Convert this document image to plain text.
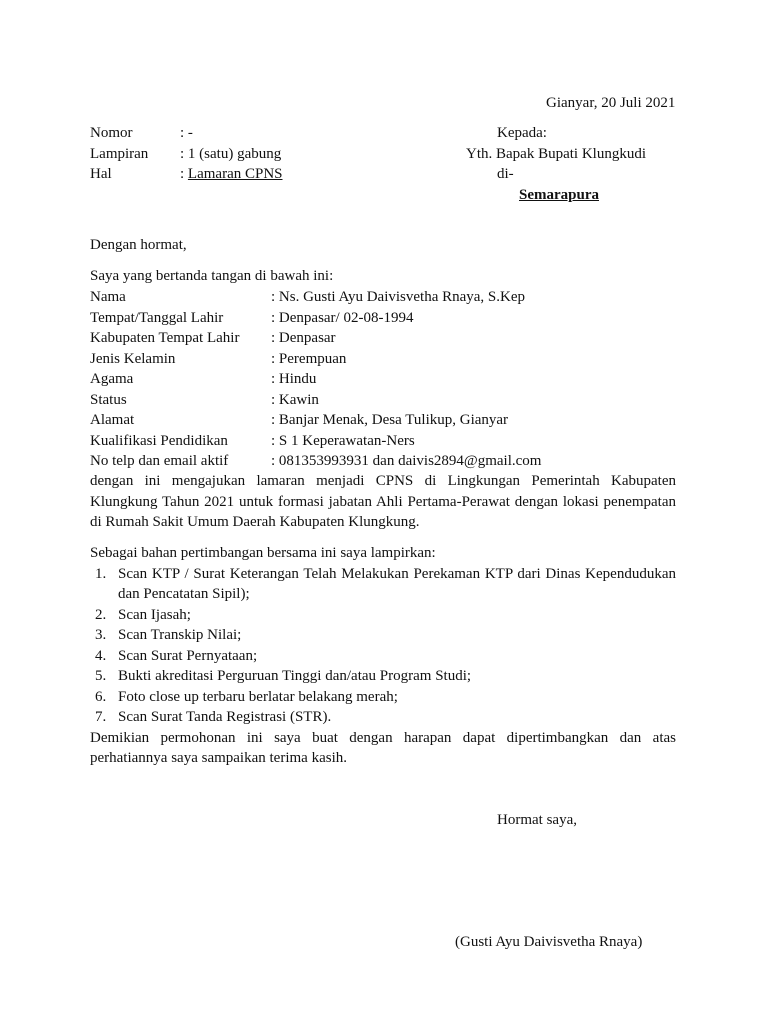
Gianyar, 20 Juli 2021
Nomor	: -
Lampiran : 1 (satu) gabung
Hal	: Lamaran CPNS
Kepada:
Yth. Bapak Bupati Klungkudi
di-
Semarapura
Dengan hormat,
Saya yang bertanda tangan di bawah ini:
Nama	: Ns. Gusti Ayu Daivisvetha Rnaya, S.Kep
Tempat/Tanggal Lahir	: Denpasar/ 02-08-1994
Kabupaten Tempat Lahir : Denpasar
Jenis Kelamin	: Perempuan
Agama	: Hindu
Status	: Kawin
Alamat	: Banjar Menak, Desa Tulikup, Gianyar
Kualifikasi Pendidikan	: S 1 Keperawatan-Ners
No telp dan email aktif	: 081353993931 dan daivis2894@gmail.com
dengan ini mengajukan lamaran menjadi CPNS di Lingkungan Pemerintah Kabupaten Klungkung Tahun 2021 untuk formasi jabatan Ahli Pertama-Perawat dengan lokasi penempatan di Rumah Sakit Umum Daerah Kabupaten Klungkung.
Sebagai bahan pertimbangan bersama ini saya lampirkan:
1. Scan KTP / Surat Keterangan Telah Melakukan Perekaman KTP dari Dinas Kependudukan dan Pencatatan Sipil);
2. Scan Ijasah;
3. Scan Transkip Nilai;
4. Scan Surat Pernyataan;
5. Bukti akreditasi Perguruan Tinggi dan/atau Program Studi;
6. Foto close up terbaru berlatar belakang merah;
7. Scan Surat Tanda Registrasi (STR).
Demikian permohonan ini saya buat dengan harapan dapat dipertimbangkan dan atas perhatiannya saya sampaikan terima kasih.
Hormat saya,
(Gusti Ayu Daivisvetha Rnaya)
